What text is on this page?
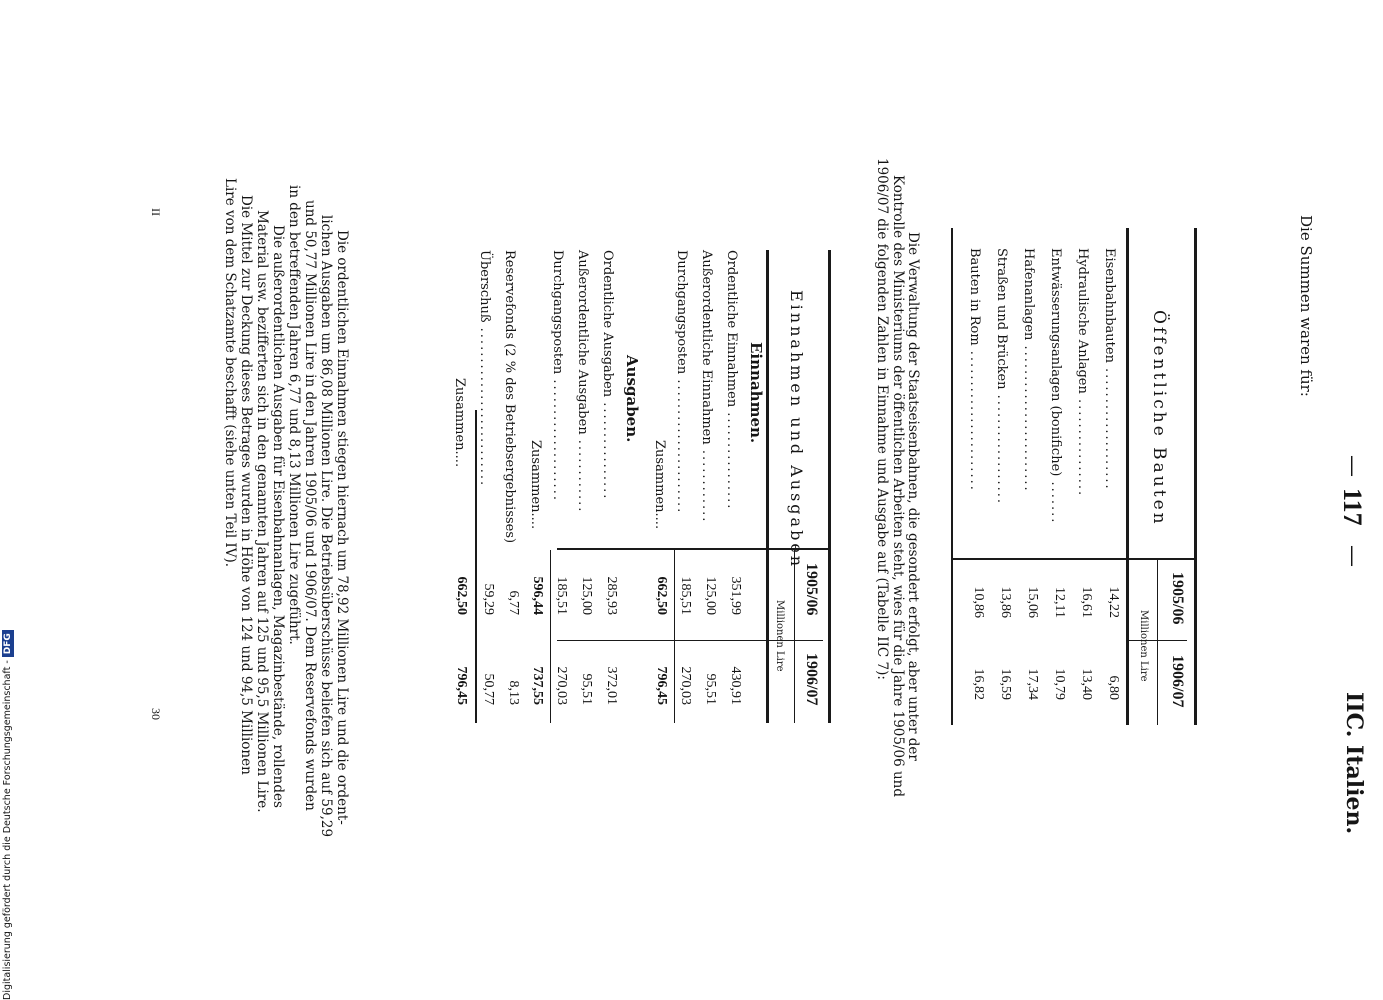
—
117
—
IIC. Italien.
Die Summen waren für:
Öffentliche Bauten
1905/06
1906/07
Millionen Lire
Eisenbahnbauten ....................
14,22
6,80
Hydraulische Anlagen ................
16,61
13,40
Entwässerungsanlagen (bonifiche) .......
12,11
10,79
Hafenanlagen ........................
15,06
17,34
Straßen und Brücken ..................
13,86
16,59
Bauten in Rom .......................
10,86
16,82
Die Verwaltung der Staatseisenbahnen, die gesondert erfolgt, aber unter der
Kontrolle des Ministeriums der öffentlichen Arbeiten steht, wies für die Jahre 1905/06 und
1906/07 die folgenden Zahlen in Einnahme und Ausgabe auf (Tabelle IIC 7):
Einnahmen und Ausgaben
1905/06
1906/07
Millionen Lire
Einnahmen.
Ordentliche Einnahmen ................
351,99
430,91
Außerordentliche Einnahmen ............
125,00
95,51
Durchgangsposten ......................
185,51
270,03
Zusammen....
662,50
796,45
Ausgaben.
Ordentliche Ausgaben ................
285,93
372,01
Außerordentliche Ausgaben ............
125,00
95,51
Durchgangsposten ....................
185,51
270,03
Zusammen....
596,44
737,55
Reservefonds (2 % des Betriebsergebnisses)
6,77
8,13
Überschuß ..........................
59,29
50,77
Zusammen....
662,50
796,45
Die ordentlichen Einnahmen stiegen hiernach um 78,92 Millionen Lire und die ordent-
lichen Ausgaben um 86,08 Millionen Lire. Die Betriebsüberschüsse beliefen sich auf 59,29
und 50,77 Millionen Lire in den Jahren 1905/06 und 1906/07. Dem Reservefonds wurden
in den betreffenden Jahren 6,77 und 8,13 Millionen Lire zugeführt.
Die außerordentlichen Ausgaben für Eisenbahnanlagen, Magazinbestände, rollendes
Material usw. bezifferten sich in den genannten Jahren auf 125 und 95,5 Millionen Lire.
Die Mittel zur Deckung dieses Betrages wurden in Höhe von 124 und 94,5 Millionen
Lire von dem Schatzamte beschafft (siehe unten Teil IV).
II
30
Digitalisierung gefördert durch die Deutsche Forschungsgemeinschaft -DFG
